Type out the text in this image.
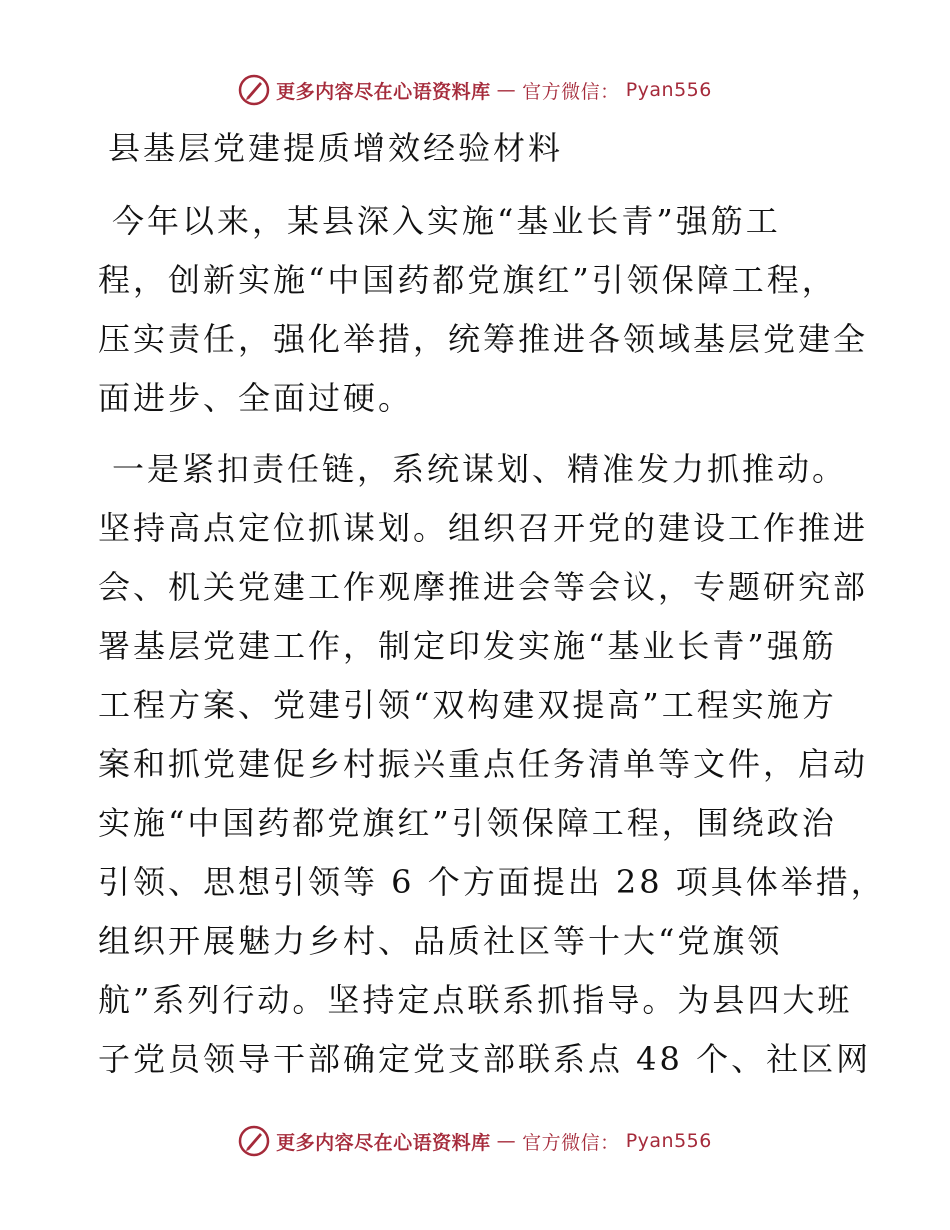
更多内容尽在心语资料库 — 官方微信： Pyan556
县基层党建提质增效经验材料

今年以来，某县深入实施“基业长青”强筋工
程，创新实施“中国药都党旗红”引领保障工程，
压实责任，强化举措，统筹推进各领域基层党建全
面进步、全面过硬。

一是紧扣责任链，系统谋划、精准发力抓推动。
坚持高点定位抓谋划。组织召开党的建设工作推进
会、机关党建工作观摩推进会等会议，专题研究部
署基层党建工作，制定印发实施“基业长青”强筋
工程方案、党建引领“双构建双提高”工程实施方
案和抓党建促乡村振兴重点任务清单等文件，启动
实施“中国药都党旗红”引领保障工程，围绕政治
引领、思想引领等 6 个方面提出 28 项具体举措，
组织开展魅力乡村、品质社区等十大“党旗领
航”系列行动。坚持定点联系抓指导。为县四大班
子党员领导干部确定党支部联系点 48 个、社区网

更多内容尽在心语资料库 — 官方微信： Pyan556
